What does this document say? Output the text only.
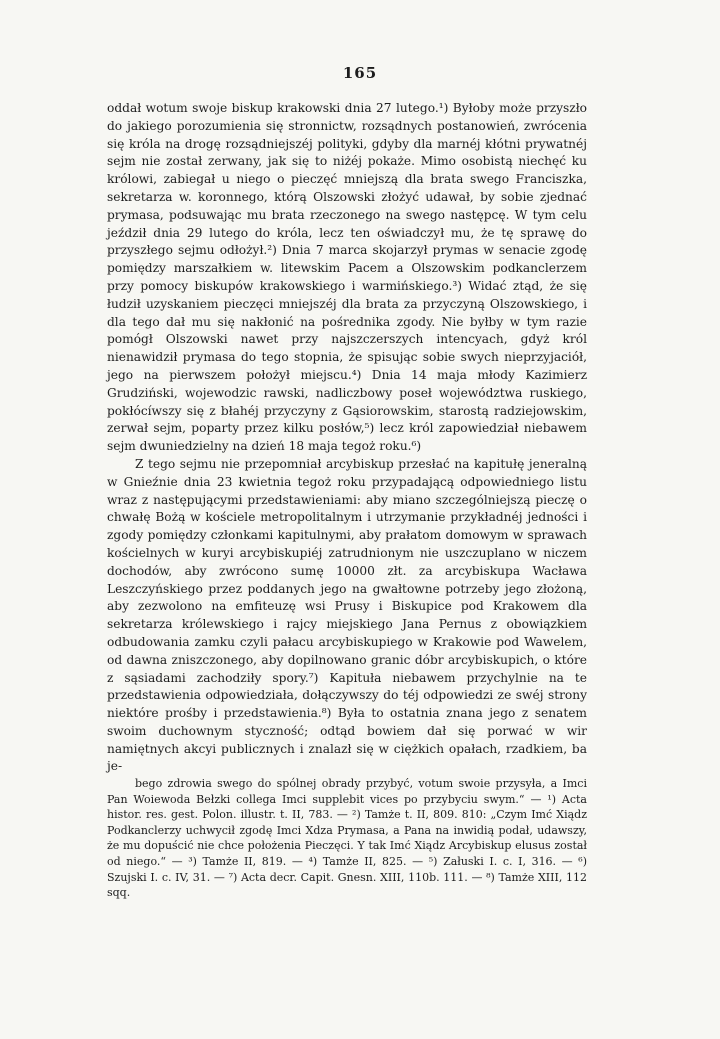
165

oddał wotum swoje biskup krakowski dnia 27 lutego.¹) Byłoby może przyszło do jakiego porozumienia się stronnictw, rozsądnych postanowień, zwrócenia się króla na drogę rozsądniejszéj polityki, gdyby dla marnéj kłótni prywatnéj sejm nie został zerwany, jak się to niżéj pokaże. Mimo osobistą niechęć ku królowi, zabiegał u niego o pieczęć mniejszą dla brata swego Franciszka, sekretarza w. koronnego, którą Olszowski złożyć udawał, by sobie zjednać prymasa, podsuwając mu brata rzeczonego na swego następcę. W tym celu jeździł dnia 29 lutego do króla, lecz ten oświadczył mu, że tę sprawę do przyszłego sejmu odłożył.²) Dnia 7 marca skojarzył prymas w senacie zgodę pomiędzy marszałkiem w. litewskim Pacem a Olszowskim podkanclerzem przy pomocy biskupów krakowskiego i warmińskiego.³) Widać ztąd, że się łudził uzyskaniem pieczęci mniejszéj dla brata za przyczyną Olszowskiego, i dla tego dał mu się nakłonić na pośrednika zgody. Nie byłby w tym razie pomógł Olszowski nawet przy najszczerszych intencyach, gdyż król nienawidził prymasa do tego stopnia, że spisując sobie swych nieprzyjaciół, jego na pierwszem położył miejscu.⁴) Dnia 14 maja młody Kazimierz Grudziński, wojewodzic rawski, nadliczbowy poseł województwa ruskiego, pokłócíwszy się z błahéj przyczyny z Gąsiorowskim, starostą radziejowskim, zerwał sejm, poparty przez kilku posłów,⁵) lecz król zapowiedział niebawem sejm dwuniedzielny na dzień 18 maja tegoż roku.⁶)

Z tego sejmu nie przepomniał arcybiskup przesłać na kapitułę jeneralną w Gnieźnie dnia 23 kwietnia tegoż roku przypadającą odpowiedniego listu wraz z następującymi przedstawieniami: aby miano szczególniejszą pieczę o chwałę Bożą w kościele metropolitalnym i utrzymanie przykładnéj jedności i zgody pomiędzy członkami kapitulnymi, aby prałatom domowym w sprawach kościelnych w kuryi arcybiskupiéj zatrudnionym nie uszczuplano w niczem dochodów, aby zwrócono sumę 10000 złt. za arcybiskupa Wacława Leszczyńskiego przez poddanych jego na gwałtowne potrzeby jego złożoną, aby zezwolono na emfiteuzę wsi Prusy i Biskupice pod Krakowem dla sekretarza królewskiego i rajcy miejskiego Jana Pernus z obowiązkiem odbudowania zamku czyli pałacu arcybiskupiego w Krakowie pod Wawelem, od dawna zniszczonego, aby dopilnowano granic dóbr arcybiskupich, o które z sąsiadami zachodziły spory.⁷) Kapituła niebawem przychylnie na te przedstawienia odpowiedziała, dołączywszy do téj odpowiedzi ze swéj strony niektóre prośby i przedstawienia.⁸) Była to ostatnia znana jego z senatem swoim duchownym styczność; odtąd bowiem dał się porwać w wir namiętnych akcyi publicznych i znalazł się w ciężkich opałach, rzadkiem, ba je-

bego zdrowia swego do spólnej obrady przybyć, votum swoie przysyła, a Imci Pan Woiewoda Bełzki collega Imci supplebit vices po przybyciu swym.“ — ¹) Acta histor. res. gest. Polon. illustr. t. II, 783. — ²) Tamże t. II, 809. 810: „Czym Imć Xiądz Podkanclerzy uchwycił zgodę Imci Xdza Prymasa, a Pana na inwidią podał, udawszy, że mu dopuścić nie chce położenia Pieczęci. Y tak Imć Xiądz Arcybiskup elusus został od niego.“ — ³) Tamże II, 819. — ⁴) Tamże II, 825. — ⁵) Załuski I. c. I, 316. — ⁶) Szujski I. c. IV, 31. — ⁷) Acta decr. Capit. Gnesn. XIII, 110b. 111. — ⁸) Tamże XIII, 112 sqq.
